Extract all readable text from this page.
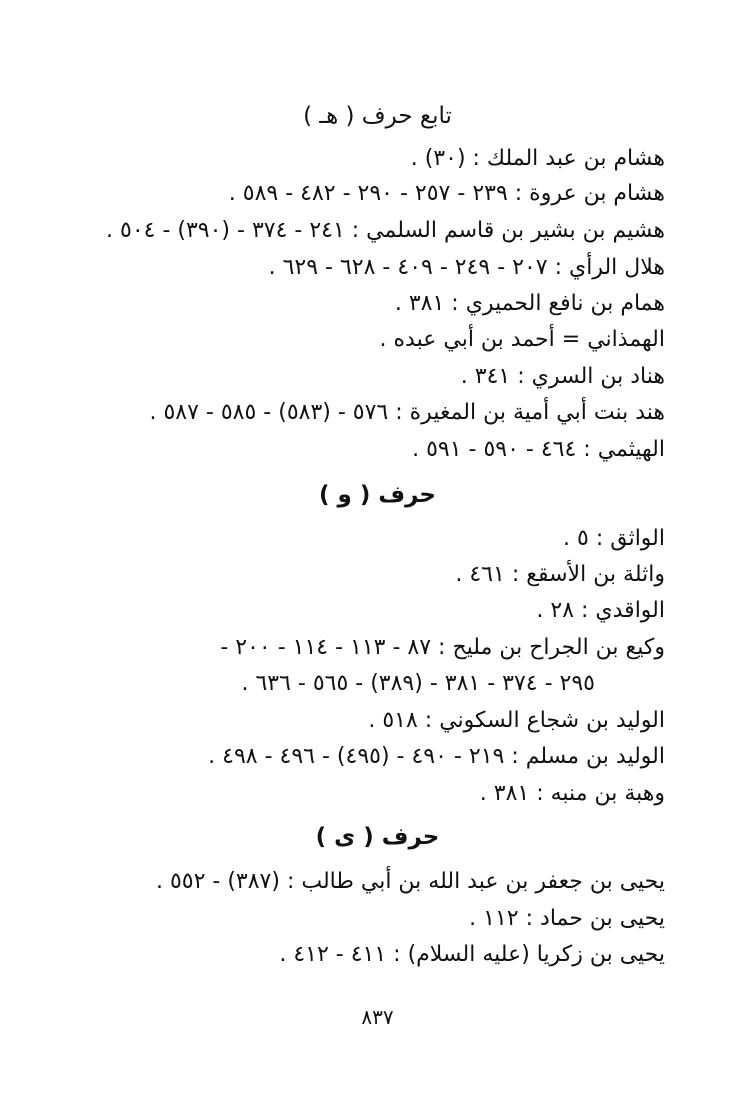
تابع حرف ( هـ )
هشام بن عبد الملك : (٣٠) .
هشام بن عروة : ٢٣٩ - ٢٥٧ - ٢٩٠ - ٤٨٢ - ٥٨٩ .
هشيم بن بشير بن قاسم السلمي : ٢٤١ - ٣٧٤ - (٣٩٠) - ٥٠٤ .
هلال الرأي : ٢٠٧ - ٢٤٩ - ٤٠٩ - ٦٢٨ - ٦٢٩ .
همام بن نافع الحميري : ٣٨١ .
الهمذاني = أحمد بن أبي عبده .
هناد بن السري : ٣٤١ .
هند بنت أبي أمية بن المغيرة : ٥٧٦ - (٥٨٣) - ٥٨٥ - ٥٨٧ .
الهيثمي : ٤٦٤ - ٥٩٠ - ٥٩١ .
حرف ( و )
الواثق : ٥ .
واثلة بن الأسقع : ٤٦١ .
الواقدي : ٢٨ .
وكيع بن الجراح بن مليح : ٨٧ - ١١٣ - ١١٤ - ٢٠٠ -
٢٩٥ - ٣٧٤ - ٣٨١ - (٣٨٩) - ٥٦٥ - ٦٣٦ .
الوليد بن شجاع السكوني : ٥١٨ .
الوليد بن مسلم : ٢١٩ - ٤٩٠ - (٤٩٥) - ٤٩٦ - ٤٩٨ .
وهبة بن منبه : ٣٨١ .
حرف ( ى )
يحيى بن جعفر بن عبد الله بن أبي طالب : (٣٨٧) - ٥٥٢ .
يحيى بن حماد : ١١٢ .
يحيى بن زكريا (عليه السلام) : ٤١١ - ٤١٢ .
٨٣٧
